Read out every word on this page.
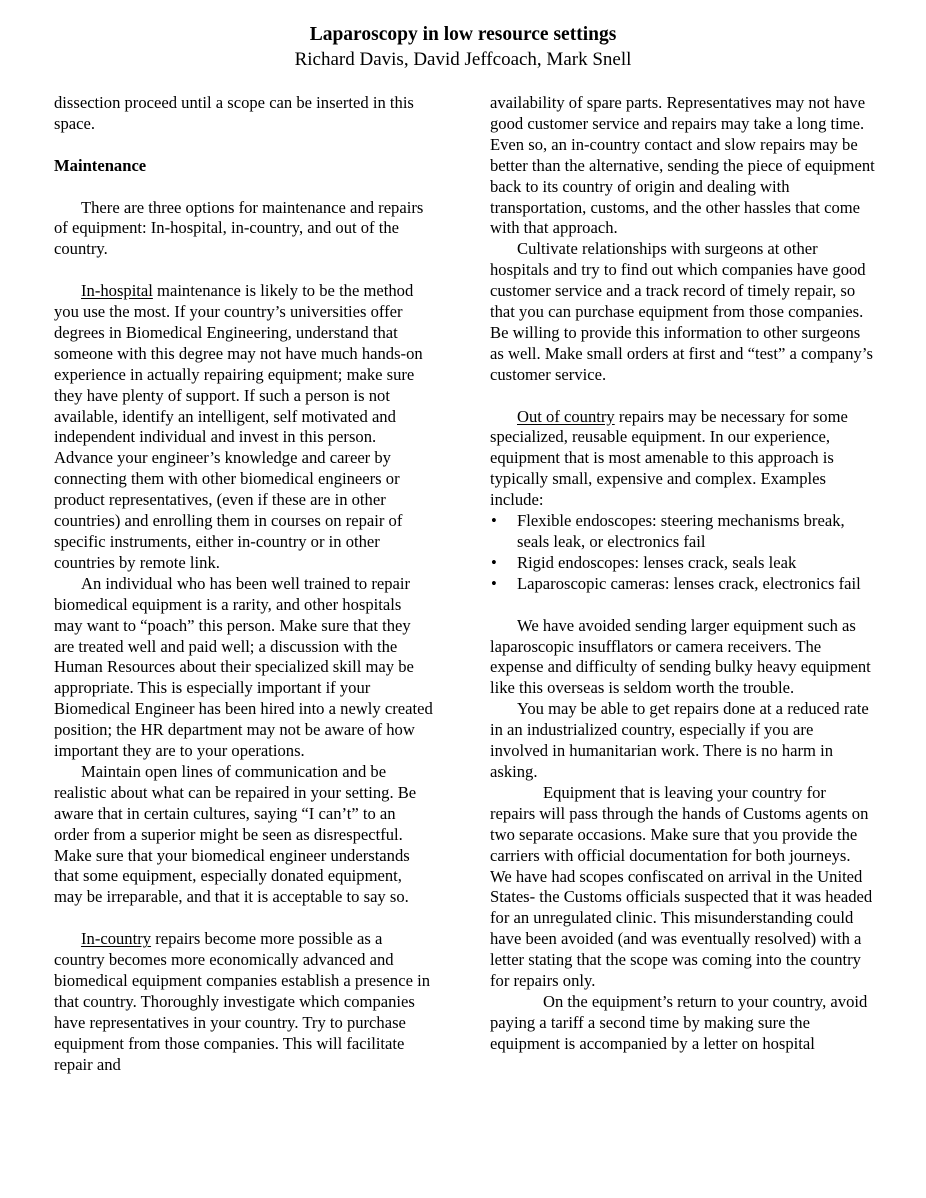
Laparoscopy in low resource settings
Richard Davis, David Jeffcoach, Mark Snell

dissection proceed until a scope can be inserted in this space.

Maintenance

There are three options for maintenance and repairs of equipment: In-hospital, in-country, and out of the country.

In-hospital maintenance is likely to be the method you use the most. If your country’s universities offer degrees in Biomedical Engineering, understand that someone with this degree may not have much hands-on experience in actually repairing equipment; make sure they have plenty of support. If such a person is not available, identify an intelligent, self motivated and independent individual and invest in this person. Advance your engineer’s knowledge and career by connecting them with other biomedical engineers or product representatives, (even if these are in other countries) and enrolling them in courses on repair of specific instruments, either in-country or in other countries by remote link.

An individual who has been well trained to repair biomedical equipment is a rarity, and other hospitals may want to “poach” this person. Make sure that they are treated well and paid well; a discussion with the Human Resources about their specialized skill may be appropriate. This is especially important if your Biomedical Engineer has been hired into a newly created position; the HR department may not be aware of how important they are to your operations.

Maintain open lines of communication and be realistic about what can be repaired in your setting. Be aware that in certain cultures, saying “I can’t” to an order from a superior might be seen as disrespectful. Make sure that your biomedical engineer understands that some equipment, especially donated equipment, may be irreparable, and that it is acceptable to say so.

In-country repairs become more possible as a country becomes more economically advanced and biomedical equipment companies establish a presence in that country. Thoroughly investigate which companies have representatives in your country. Try to purchase equipment from those companies. This will facilitate repair and

availability of spare parts. Representatives may not have good customer service and repairs may take a long time. Even so, an in-country contact and slow repairs may be better than the alternative, sending the piece of equipment back to its country of origin and dealing with transportation, customs, and the other hassles that come with that approach.

Cultivate relationships with surgeons at other hospitals and try to find out which companies have good customer service and a track record of timely repair, so that you can purchase equipment from those companies. Be willing to provide this information to other surgeons as well. Make small orders at first and “test” a company’s customer service.

Out of country repairs may be necessary for some specialized, reusable equipment. In our experience, equipment that is most amenable to this approach is typically small, expensive and complex. Examples include:

• Flexible endoscopes: steering mechanisms break, seals leak, or electronics fail
• Rigid endoscopes: lenses crack, seals leak
• Laparoscopic cameras: lenses crack, electronics fail

We have avoided sending larger equipment such as laparoscopic insufflators or camera receivers. The expense and difficulty of sending bulky heavy equipment like this overseas is seldom worth the trouble.

You may be able to get repairs done at a reduced rate in an industrialized country, especially if you are involved in humanitarian work. There is no harm in asking.

Equipment that is leaving your country for repairs will pass through the hands of Customs agents on two separate occasions. Make sure that you provide the carriers with official documentation for both journeys. We have had scopes confiscated on arrival in the United States- the Customs officials suspected that it was headed for an unregulated clinic. This misunderstanding could have been avoided (and was eventually resolved) with a letter stating that the scope was coming into the country for repairs only.

On the equipment’s return to your country, avoid paying a tariff a second time by making sure the equipment is accompanied by a letter on hospital
